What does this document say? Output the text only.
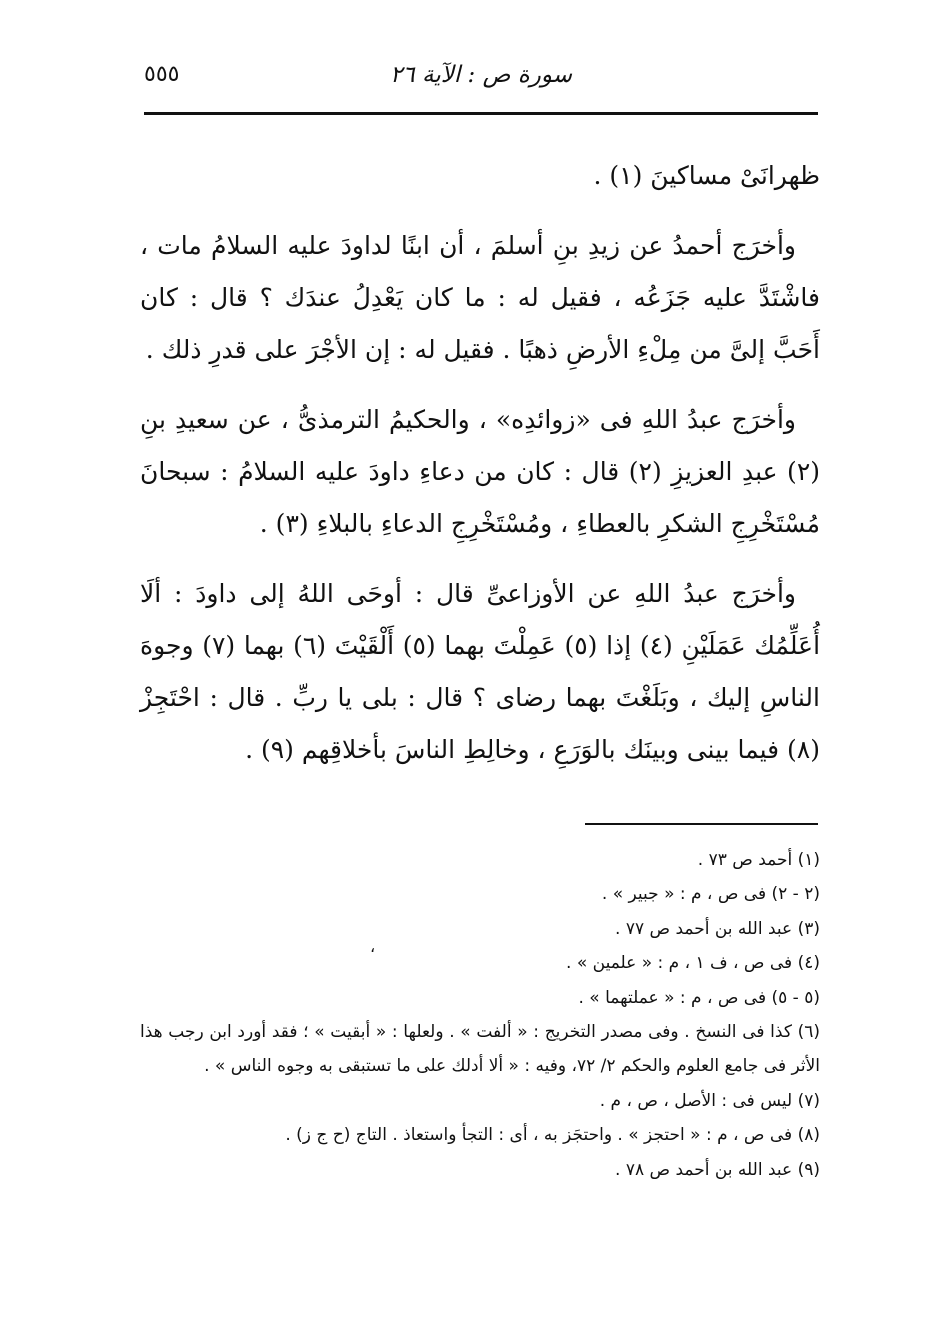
٥٥٥	سورة ص : الآية ٢٦

ظهرانَىْ مساكينَ (١) .

وأخرَج أحمدُ عن زيدِ بنِ أسلمَ ، أن ابنًا لداودَ عليه السلامُ مات ، فاشْتَدَّ عليه جَزَعُه ، فقيل له : ما كان يَعْدِلُ عندَك ؟ قال : كان أَحَبَّ إلىَّ من مِلْءِ الأرضِ ذهبًا . فقيل له : إن الأجْرَ على قدرِ ذلك .

وأخرَج عبدُ اللهِ فى «زوائدِه» ، والحكيمُ الترمذىُّ ، عن سعيدِ بنِ (٢) عبدِ العزيزِ (٢) قال : كان من دعاءِ داودَ عليه السلامُ : سبحانَ مُسْتَخْرِجِ الشكرِ بالعطاءِ ، ومُسْتَخْرِجِ الدعاءِ بالبلاءِ (٣) .

وأخرَج عبدُ اللهِ عن الأوزاعىِّ قال : أوحَى اللهُ إلى داودَ : ألَا أُعَلِّمُك عَمَلَيْنِ (٤) إذا (٥) عَمِلْتَ بهما (٥) أَلْقَيْتَ (٦) بهما (٧) وجوهَ الناسِ إليك ، وبَلَغْتَ بهما رضاى ؟ قال : بلى يا ربِّ . قال : احْتَجِزْ (٨) فيما بينى وبينَك بالوَرَعِ ، وخالِطِ الناسَ بأخلاقِهم (٩) .

،
(١) أحمد ص ٧٣ .
(٢ - ٢) فى ص ، م : « جبير » .
(٣) عبد الله بن أحمد ص ٧٧ .
(٤) فى ص ، ف ١ ، م : « علمين » .
(٥ - ٥) فى ص ، م : « عملتهما » .
(٦) كذا فى النسخ . وفى مصدر التخريج : « ألفت » . ولعلها : « أبقيت » ؛ فقد أورد ابن رجب هذا الأثر فى جامع العلوم والحكم ٢/ ٧٢، وفيه : « ألا أدلك على ما تستبقى به وجوه الناس » .
(٧) ليس فى : الأصل ، ص ، م .
(٨) فى ص ، م : « احتجز » . واحتجَز به ، أى : التجأ واستعاذ . التاج (ح ج ز) .
(٩) عبد الله بن أحمد ص ٧٨ .
